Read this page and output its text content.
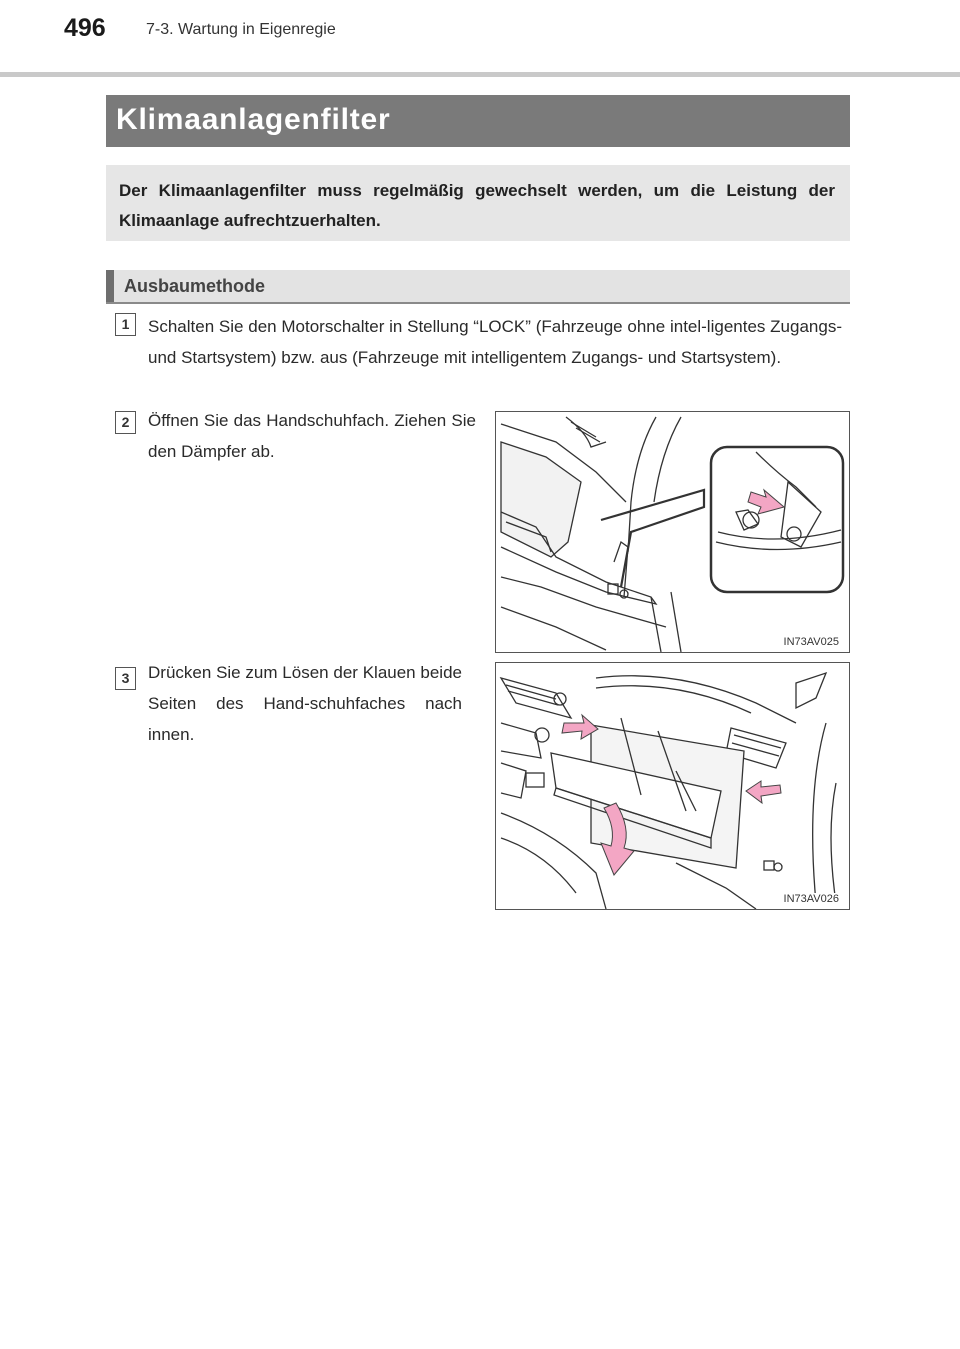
496	7-3. Wartung in Eigenregie
Klimaanlagenfilter
Der Klimaanlagenfilter muss regelmäßig gewechselt werden, um die Leistung der Klimaanlage aufrechtzuerhalten.
Ausbaumethode
1	Schalten Sie den Motorschalter in Stellung “LOCK” (Fahrzeuge ohne intel-ligentes Zugangs- und Startsystem) bzw. aus (Fahrzeuge mit intelligentem Zugangs- und Startsystem).
2	Öffnen Sie das Handschuhfach. Ziehen Sie den Dämpfer ab.
IN73AV025
3	Drücken Sie zum Lösen der Klauen beide Seiten des Hand-schuhfaches nach innen.
IN73AV026
